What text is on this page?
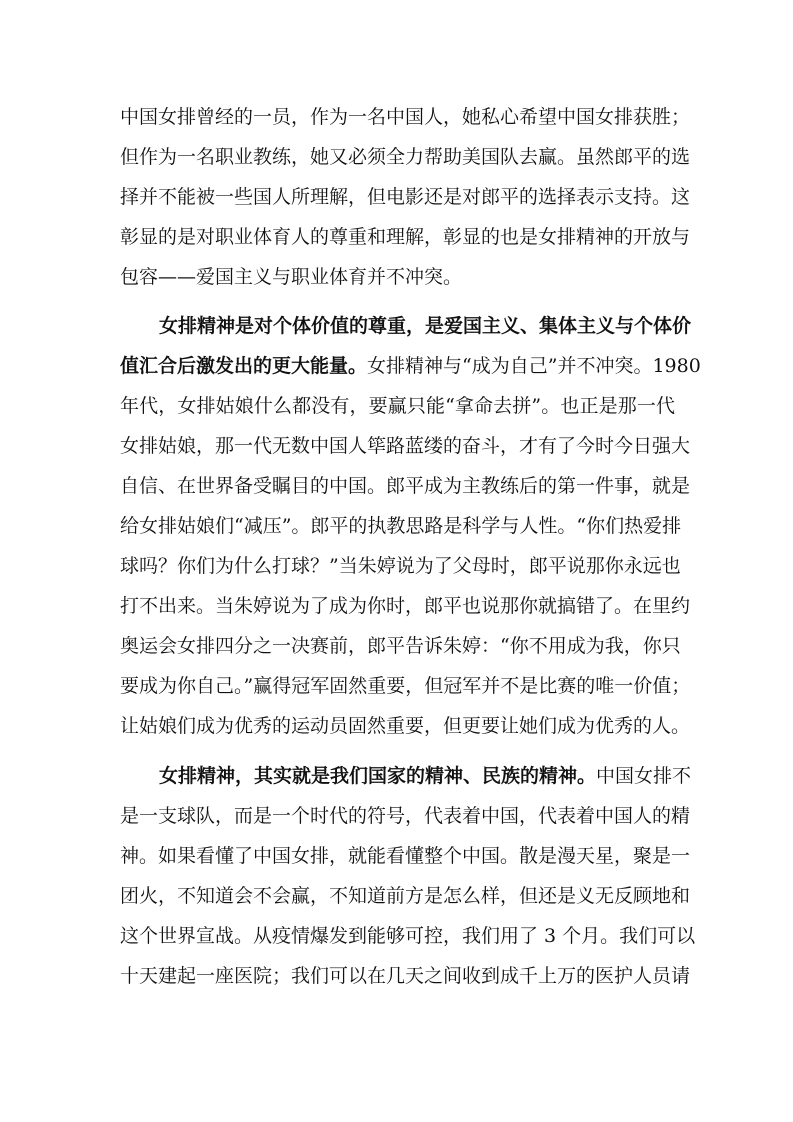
中国女排曾经的一员，作为一名中国人，她私心希望中国女排获胜；
但作为一名职业教练，她又必须全力帮助美国队去赢。虽然郎平的选
择并不能被一些国人所理解，但电影还是对郎平的选择表示支持。这
彰显的是对职业体育人的尊重和理解，彰显的也是女排精神的开放与
包容——爱国主义与职业体育并不冲突。
女排精神是对个体价值的尊重，是爱国主义、集体主义与个体价
值汇合后激发出的更大能量。女排精神与“成为自己”并不冲突。1980
年代，女排姑娘什么都没有，要赢只能“拿命去拼”。也正是那一代
女排姑娘，那一代无数中国人筚路蓝缕的奋斗，才有了今时今日强大
自信、在世界备受瞩目的中国。郎平成为主教练后的第一件事，就是
给女排姑娘们“减压”。郎平的执教思路是科学与人性。“你们热爱排
球吗？你们为什么打球？”当朱婷说为了父母时，郎平说那你永远也
打不出来。当朱婷说为了成为你时，郎平也说那你就搞错了。在里约
奥运会女排四分之一决赛前，郎平告诉朱婷：“你不用成为我，你只
要成为你自己。”赢得冠军固然重要，但冠军并不是比赛的唯一价值；
让姑娘们成为优秀的运动员固然重要，但更要让她们成为优秀的人。
女排精神，其实就是我们国家的精神、民族的精神。中国女排不
是一支球队，而是一个时代的符号，代表着中国，代表着中国人的精
神。如果看懂了中国女排，就能看懂整个中国。散是漫天星，聚是一
团火，不知道会不会赢，不知道前方是怎么样，但还是义无反顾地和
这个世界宣战。从疫情爆发到能够可控，我们用了 3 个月。我们可以
十天建起一座医院；我们可以在几天之间收到成千上万的医护人员请
